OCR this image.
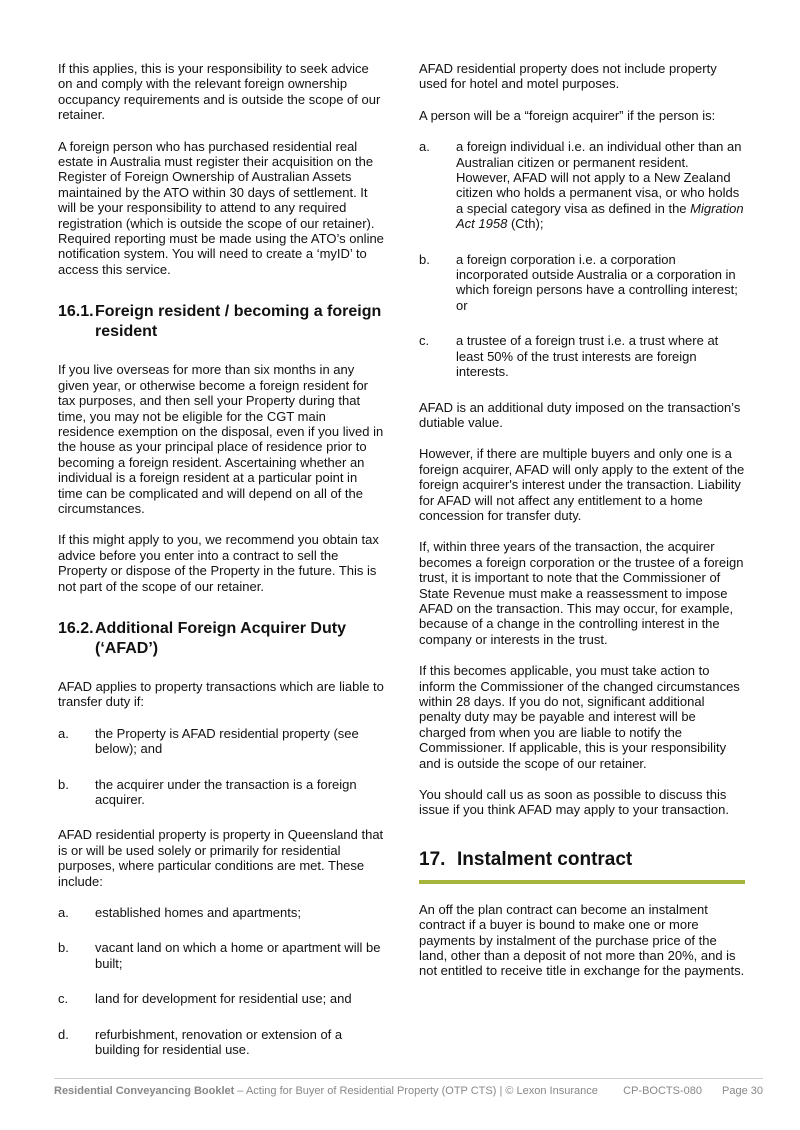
If this applies, this is your responsibility to seek advice on and comply with the relevant foreign ownership occupancy requirements and is outside the scope of our retainer.

A foreign person who has purchased residential real estate in Australia must register their acquisition on the Register of Foreign Ownership of Australian Assets maintained by the ATO within 30 days of settlement. It will be your responsibility to attend to any required registration (which is outside the scope of our retainer). Required reporting must be made using the ATO’s online notification system. You will need to create a ‘myID’ to access this service.

16.1. Foreign resident / becoming a foreign resident

If you live overseas for more than six months in any given year, or otherwise become a foreign resident for tax purposes, and then sell your Property during that time, you may not be eligible for the CGT main residence exemption on the disposal, even if you lived in the house as your principal place of residence prior to becoming a foreign resident. Ascertaining whether an individual is a foreign resident at a particular point in time can be complicated and will depend on all of the circumstances.

If this might apply to you, we recommend you obtain tax advice before you enter into a contract to sell the Property or dispose of the Property in the future. This is not part of the scope of our retainer.

16.2. Additional Foreign Acquirer Duty (‘AFAD’)

AFAD applies to property transactions which are liable to transfer duty if:

a. the Property is AFAD residential property (see below); and
b. the acquirer under the transaction is a foreign acquirer.

AFAD residential property is property in Queensland that is or will be used solely or primarily for residential purposes, where particular conditions are met. These include:

a. established homes and apartments;
b. vacant land on which a home or apartment will be built;
c. land for development for residential use; and
d. refurbishment, renovation or extension of a building for residential use.

AFAD residential property does not include property used for hotel and motel purposes.

A person will be a “foreign acquirer” if the person is:

a. a foreign individual i.e. an individual other than an Australian citizen or permanent resident. However, AFAD will not apply to a New Zealand citizen who holds a permanent visa, or who holds a special category visa as defined in the Migration Act 1958 (Cth);
b. a foreign corporation i.e. a corporation incorporated outside Australia or a corporation in which foreign persons have a controlling interest; or
c. a trustee of a foreign trust i.e. a trust where at least 50% of the trust interests are foreign interests.

AFAD is an additional duty imposed on the transaction’s dutiable value.

However, if there are multiple buyers and only one is a foreign acquirer, AFAD will only apply to the extent of the foreign acquirer's interest under the transaction. Liability for AFAD will not affect any entitlement to a home concession for transfer duty.

If, within three years of the transaction, the acquirer becomes a foreign corporation or the trustee of a foreign trust, it is important to note that the Commissioner of State Revenue must make a reassessment to impose AFAD on the transaction. This may occur, for example, because of a change in the controlling interest in the company or interests in the trust.

If this becomes applicable, you must take action to inform the Commissioner of the changed circumstances within 28 days. If you do not, significant additional penalty duty may be payable and interest will be charged from when you are liable to notify the Commissioner. If applicable, this is your responsibility and is outside the scope of our retainer.

You should call us as soon as possible to discuss this issue if you think AFAD may apply to your transaction.

17. Instalment contract

An off the plan contract can become an instalment contract if a buyer is bound to make one or more payments by instalment of the purchase price of the land, other than a deposit of not more than 20%, and is not entitled to receive title in exchange for the payments.

Residential Conveyancing Booklet – Acting for Buyer of Residential Property (OTP CTS) | © Lexon Insurance	CP-BOCTS-080 Page 30
